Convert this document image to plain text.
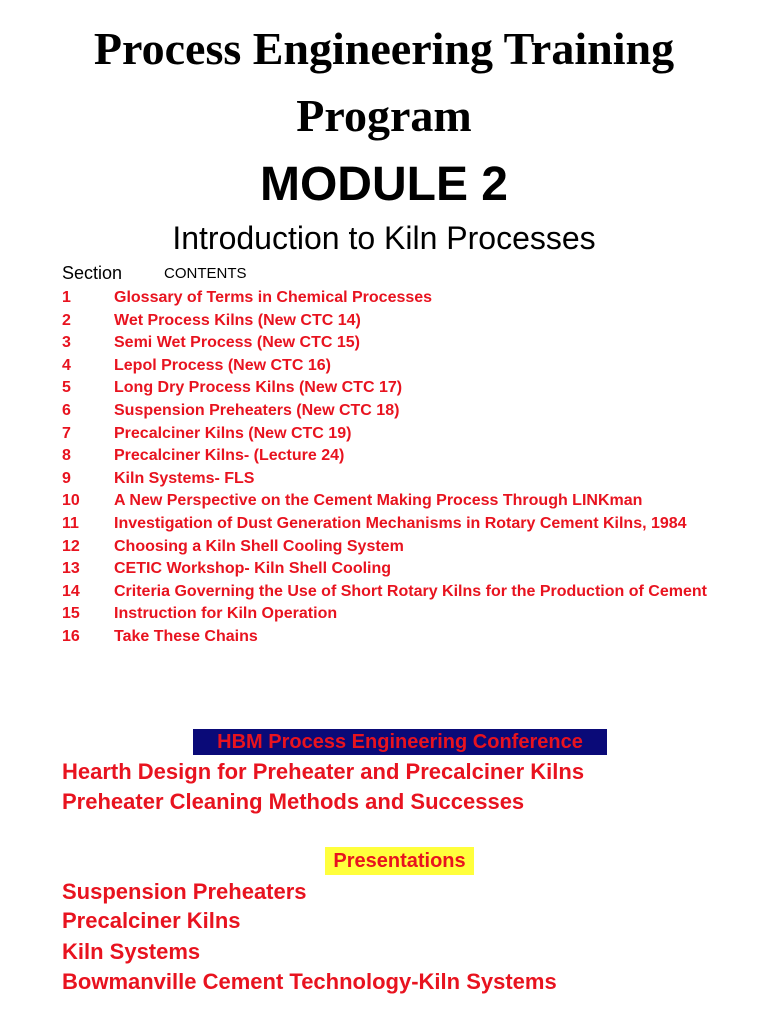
Process Engineering Training
Program
MODULE 2
Introduction to Kiln Processes
Section	CONTENTS
1	Glossary of Terms in Chemical Processes
2	Wet Process Kilns (New CTC 14)
3	Semi Wet Process (New CTC 15)
4	Lepol Process (New CTC 16)
5	Long Dry Process Kilns (New CTC 17)
6	Suspension Preheaters (New CTC 18)
7	Precalciner Kilns (New CTC 19)
8	Precalciner Kilns- (Lecture 24)
9	Kiln Systems- FLS
10	A New Perspective on the Cement Making Process Through LINKman
11	Investigation of Dust Generation Mechanisms in Rotary Cement Kilns, 1984
12	Choosing a Kiln Shell Cooling System
13	CETIC Workshop- Kiln Shell Cooling
14	Criteria Governing the Use of Short Rotary Kilns for the Production of Cement
15	Instruction for Kiln Operation
16	Take These Chains
HBM Process Engineering Conference
Hearth Design for Preheater and Precalciner Kilns
Preheater Cleaning Methods and Successes
Presentations
Suspension Preheaters
Precalciner Kilns
Kiln Systems
Bowmanville Cement Technology-Kiln Systems
